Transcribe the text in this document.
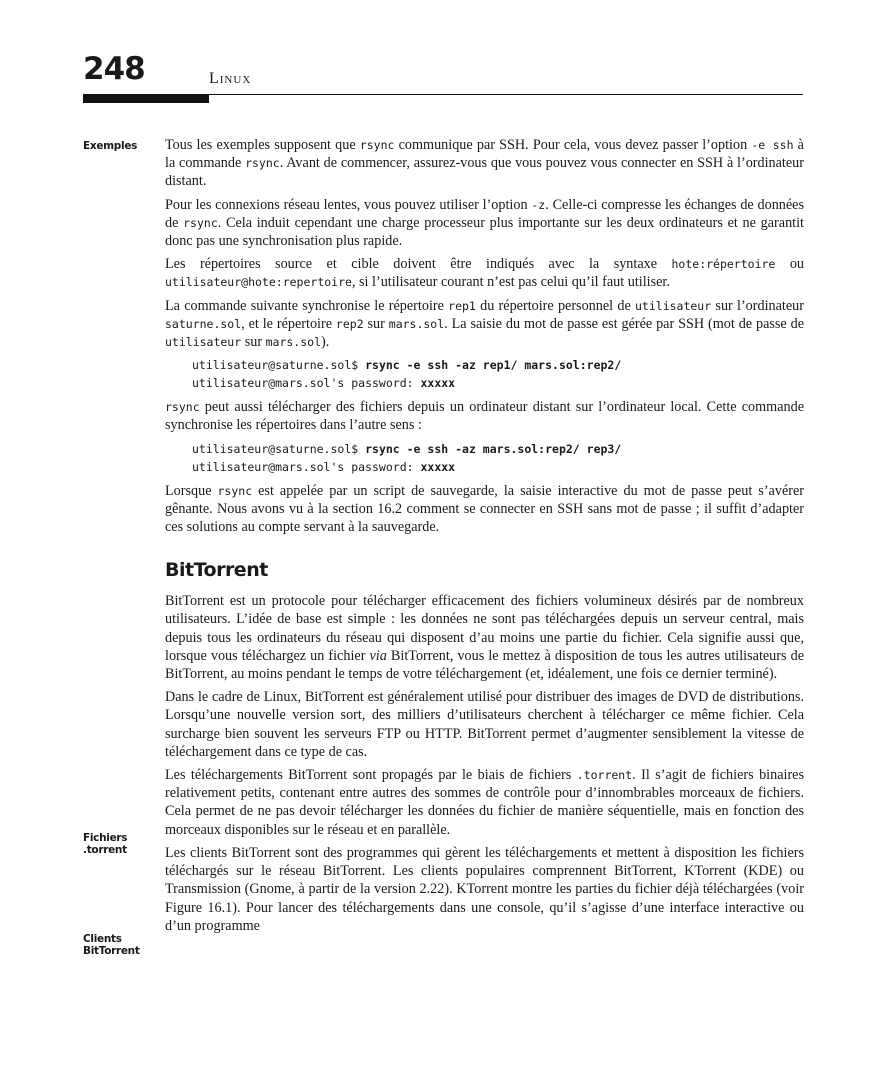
248	Linux
Exemples
Fichiers
.torrent
Clients
BitTorrent

Tous les exemples supposent que rsync communique par SSH. Pour cela, vous devez passer l’option -e ssh à la commande rsync. Avant de commencer, assurez-vous que vous pouvez vous connecter en SSH à l’ordinateur distant.

Pour les connexions réseau lentes, vous pouvez utiliser l’option -z. Celle-ci compresse les échanges de données de rsync. Cela induit cependant une charge processeur plus importante sur les deux ordinateurs et ne garantit donc pas une synchronisation plus rapide.

Les répertoires source et cible doivent être indiqués avec la syntaxe hote:répertoire ou utilisateur@hote:repertoire, si l’utilisateur courant n’est pas celui qu’il faut utiliser.

La commande suivante synchronise le répertoire rep1 du répertoire personnel de utilisateur sur l’ordinateur saturne.sol, et le répertoire rep2 sur mars.sol. La saisie du mot de passe est gérée par SSH (mot de passe de utilisateur sur mars.sol).

utilisateur@saturne.sol$ rsync -e ssh -az rep1/ mars.sol:rep2/
utilisateur@mars.sol's password: xxxxx

rsync peut aussi télécharger des fichiers depuis un ordinateur distant sur l’ordinateur local. Cette commande synchronise les répertoires dans l’autre sens :

utilisateur@saturne.sol$ rsync -e ssh -az mars.sol:rep2/ rep3/
utilisateur@mars.sol's password: xxxxx

Lorsque rsync est appelée par un script de sauvegarde, la saisie interactive du mot de passe peut s’avérer gênante. Nous avons vu à la section 16.2 comment se connecter en SSH sans mot de passe ; il suffit d’adapter ces solutions au compte servant à la sauvegarde.

BitTorrent

BitTorrent est un protocole pour télécharger efficacement des fichiers volumineux désirés par de nombreux utilisateurs. L’idée de base est simple : les données ne sont pas téléchargées depuis un serveur central, mais depuis tous les ordinateurs du réseau qui disposent d’au moins une partie du fichier. Cela signifie aussi que, lorsque vous téléchargez un fichier via BitTorrent, vous le mettez à disposition de tous les autres utilisateurs de BitTorrent, au moins pendant le temps de votre téléchargement (et, idéalement, une fois ce dernier terminé).

Dans le cadre de Linux, BitTorrent est généralement utilisé pour distribuer des images de DVD de distributions. Lorsqu’une nouvelle version sort, des milliers d’utilisateurs cherchent à télécharger ce même fichier. Cela surcharge bien souvent les serveurs FTP ou HTTP. BitTorrent permet d’augmenter sensiblement la vitesse de téléchargement dans ce type de cas.

Les téléchargements BitTorrent sont propagés par le biais de fichiers .torrent. Il s’agit de fichiers binaires relativement petits, contenant entre autres des sommes de contrôle pour d’innombrables morceaux de fichiers. Cela permet de ne pas devoir télécharger les données du fichier de manière séquentielle, mais en fonction des morceaux disponibles sur le réseau et en parallèle.

Les clients BitTorrent sont des programmes qui gèrent les téléchargements et mettent à disposition les fichiers téléchargés sur le réseau BitTorrent. Les clients populaires comprennent BitTorrent, KTorrent (KDE) ou Transmission (Gnome, à partir de la version 2.22). KTorrent montre les parties du fichier déjà téléchargées (voir Figure 16.1). Pour lancer des téléchargements dans une console, qu’il s’agisse d’une interface interactive ou d’un programme
